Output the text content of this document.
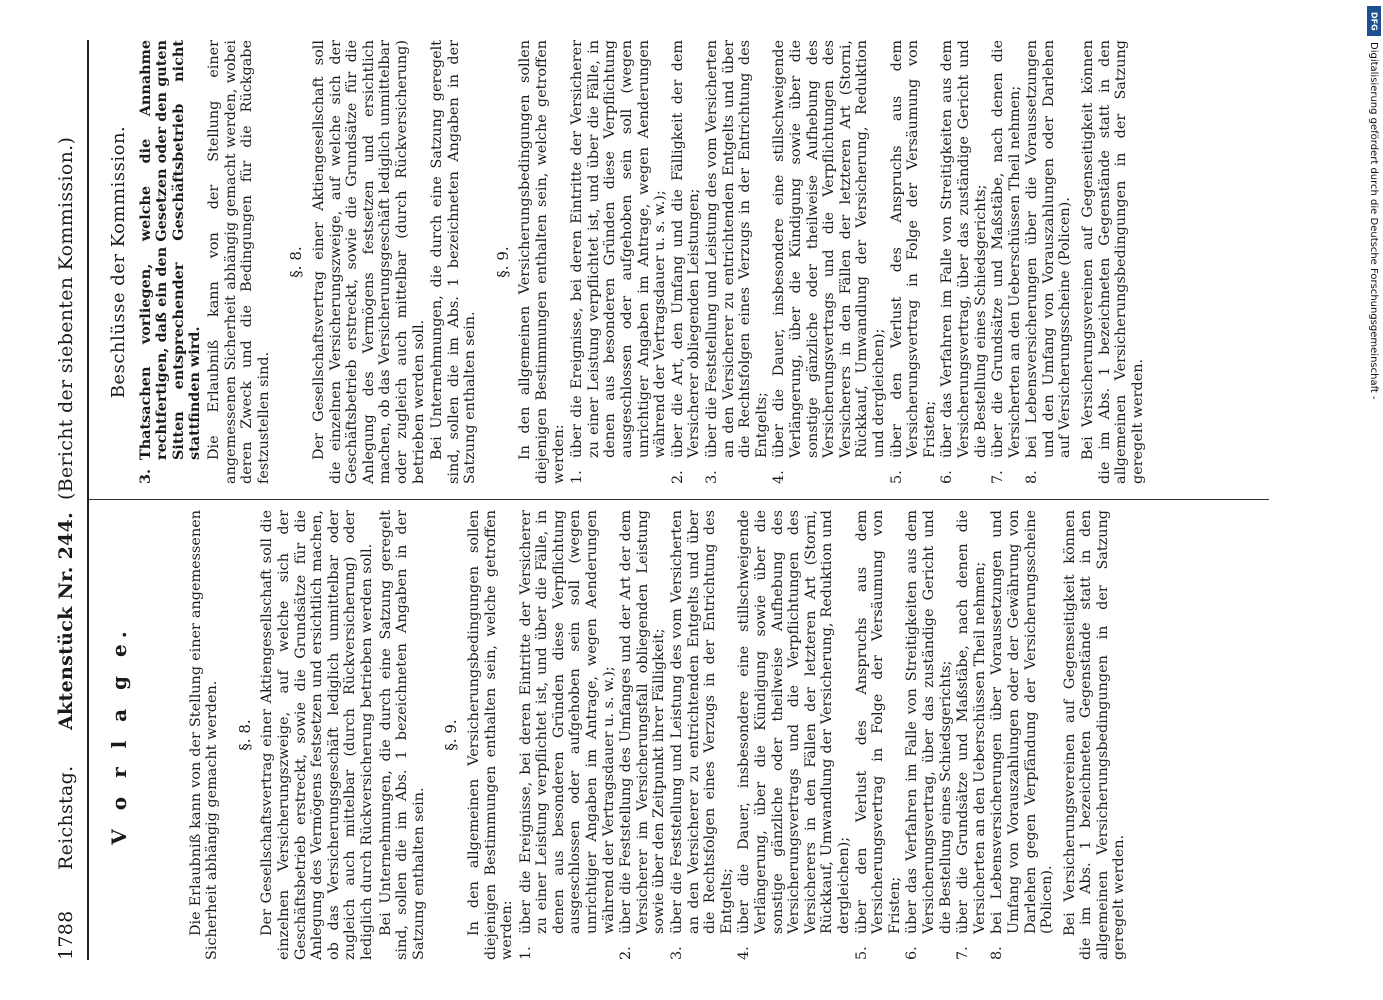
1788
Reichstag.
Aktenstück Nr. 244.
(Bericht der siebenten Kommission.)
V o r l a g e.	Die Erlaubniß kann von der Stellung einer angemessenen Sicherheit abhängig gemacht werden. §. 8. Der Gesellschaftsvertrag einer Aktiengesellschaft soll die einzelnen Versicherungszweige, auf welche sich der Geschäftsbetrieb erstreckt, sowie die Grundsätze für die Anlegung des Vermögens festsetzen und ersichtlich machen, ob das Versicherungsgeschäft lediglich unmittelbar oder zugleich auch mittelbar (durch Rückversicherung) oder lediglich durch Rückversicherung betrieben werden soll. Bei Unternehmungen, die durch eine Satzung geregelt sind, sollen die im Abs. 1 bezeichneten Angaben in der Satzung enthalten sein.

§. 9. In den allgemeinen Versicherungsbedingungen sollen diejenigen Bestimmungen enthalten sein, welche getroffen werden: 1.
über die Ereignisse, bei deren Eintritte der Versicherer zu einer Leistung verpflichtet ist, und über die Fälle, in denen aus besonderen Gründen diese Verpflichtung ausgeschlossen oder aufgehoben sein soll (wegen unrichtiger Angaben im Antrage, wegen Aenderungen während der Vertragsdauer u. s. w.);
2.
über die Feststellung des Umfanges und der Art der dem Versicherer im Versicherungsfall obliegenden Leistung sowie über den Zeitpunkt ihrer Fälligkeit;
3.
über die Feststellung und Leistung des vom Versicherten an den Versicherer zu entrichtenden Entgelts und über die Rechtsfolgen eines Verzugs in der Entrichtung des Entgelts;
4.
über die Dauer, insbesondere eine stillschweigende Verlängerung, über die Kündigung sowie über die sonstige gänzliche oder theilweise Aufhebung des Versicherungsvertrags und die Verpflichtungen des Versicherers in den Fällen der letzteren Art (Storni, Rückkauf, Umwandlung der Versicherung, Reduktion und dergleichen);
5.
über den Verlust des Anspruchs aus dem Versicherungsvertrag in Folge der Versäumung von Fristen;
6.
über das Verfahren im Falle von Streitigkeiten aus dem Versicherungsvertrag, über das zuständige Gericht und die Bestellung eines Schiedsgerichts;
7.
über die Grundsätze und Maßstäbe, nach denen die Versicherten an den Ueberschüssen Theil nehmen;
8.
bei Lebensversicherungen über Voraussetzungen und Umfang von Vorauszahlungen oder der Gewährung von Darlehen gegen Verpfändung der Versicherungsscheine (Policen). Bei Versicherungsvereinen auf Gegenseitigkeit können die im Abs. 1 bezeichneten Gegenstände statt in den allgemeinen Versicherungsbedingungen in der Satzung geregelt werden.

Beschlüsse der Kommission.
3.
Thatsachen vorliegen, welche die Annahme rechtfertigen, daß ein den Gesetzen oder den guten Sitten entsprechender Geschäftsbetrieb nicht stattfinden wird. Die Erlaubniß kann von der Stellung einer angemessenen Sicherheit abhängig gemacht werden, wobei deren Zweck und die Bedingungen für die Rückgabe festzustellen sind.

§. 8. Der Gesellschaftsvertrag einer Aktiengesellschaft soll die einzelnen Versicherungszweige, auf welche sich der Geschäftsbetrieb erstreckt, sowie die Grundsätze für die Anlegung des Vermögens festsetzen und ersichtlich machen, ob das Versicherungsgeschäft lediglich unmittelbar oder zugleich auch mittelbar (durch Rückversicherung) betrieben werden soll. Bei Unternehmungen, die durch eine Satzung geregelt sind, sollen die im Abs. 1 bezeichneten Angaben in der Satzung enthalten sein.

§. 9. In den allgemeinen Versicherungsbedingungen sollen diejenigen Bestimmungen enthalten sein, welche getroffen werden: 1.
über die Ereignisse, bei deren Eintritte der Versicherer zu einer Leistung verpflichtet ist, und über die Fälle, in denen aus besonderen Gründen diese Verpflichtung ausgeschlossen oder aufgehoben sein soll (wegen unrichtiger Angaben im Antrage, wegen Aenderungen während der Vertragsdauer u. s. w.);
2.
über die Art, den Umfang und die Fälligkeit der dem Versicherer obliegenden Leistungen;
3.
über die Feststellung und Leistung des vom Versicherten an den Versicherer zu entrichtenden Entgelts und über die Rechtsfolgen eines Verzugs in der Entrichtung des Entgelts;
4.
über die Dauer, insbesondere eine stillschweigende Verlängerung, über die Kündigung sowie über die sonstige gänzliche oder theilweise Aufhebung des Versicherungsvertrags und die Verpflichtungen des Versicherers in den Fällen der letzteren Art (Storni, Rückkauf, Umwandlung der Versicherung, Reduktion und dergleichen);
5.
über den Verlust des Anspruchs aus dem Versicherungsvertrag in Folge der Versäumung von Fristen;
6.
über das Verfahren im Falle von Streitigkeiten aus dem Versicherungsvertrag, über das zuständige Gericht und die Bestellung eines Schiedsgerichts;
7.
über die Grundsätze und Maßstäbe, nach denen die Versicherten an den Ueberschüssen Theil nehmen;
8.
bei Lebensversicherungen über die Voraussetzungen und den Umfang von Vorauszahlungen oder Darlehen auf Versicherungsscheine (Policen). Bei Versicherungsvereinen auf Gegenseitigkeit können die im Abs. 1 bezeichneten Gegenstände statt in den allgemeinen Versicherungsbedingungen in der Satzung geregelt werden.

DFG
Digitalisierung gefördert durch die Deutsche Forschungsgemeinschaft -
